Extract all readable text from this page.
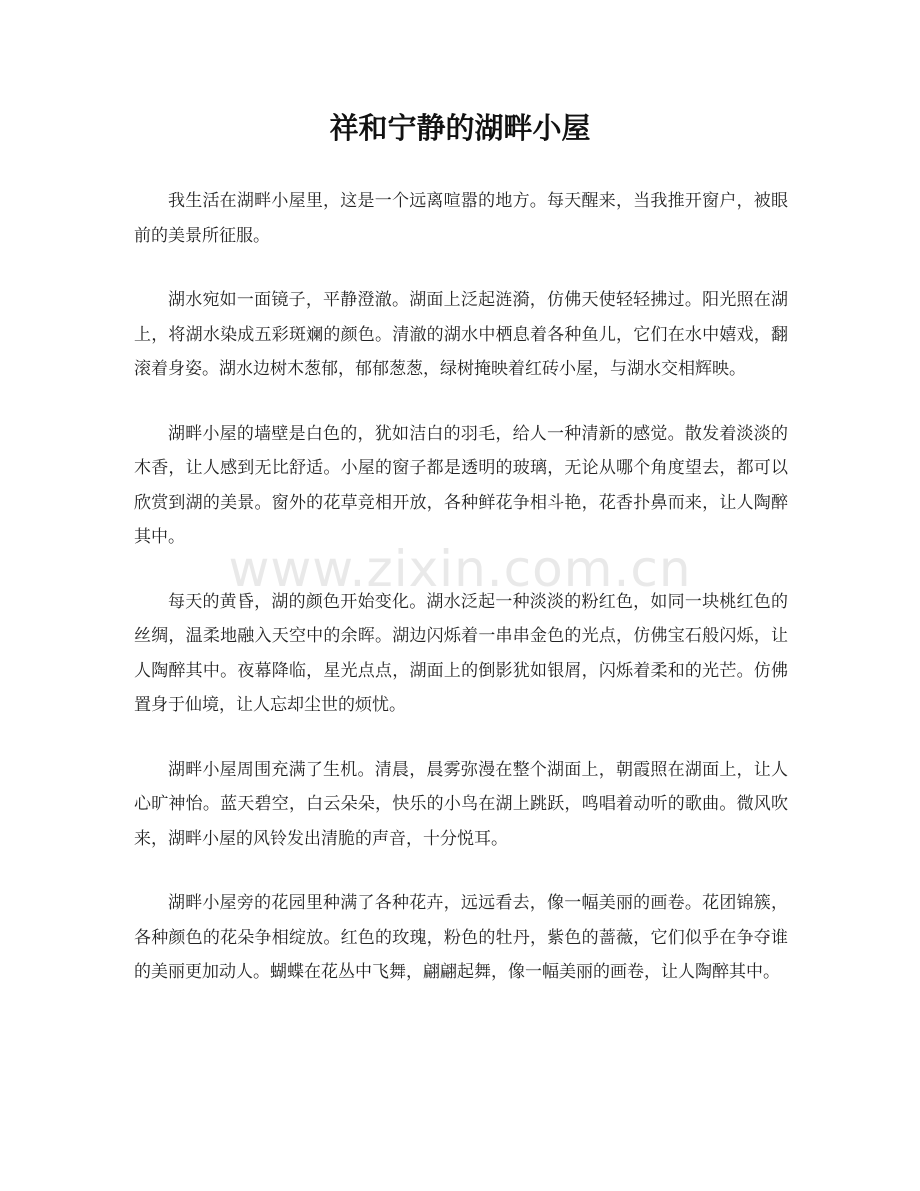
www.zixin.com.cn
祥和宁静的湖畔小屋

我生活在湖畔小屋里，这是一个远离喧嚣的地方。每天醒来，当我推开窗户，被眼前的美景所征服。

湖水宛如一面镜子，平静澄澈。湖面上泛起涟漪，仿佛天使轻轻拂过。阳光照在湖上，将湖水染成五彩斑斓的颜色。清澈的湖水中栖息着各种鱼儿，它们在水中嬉戏，翻滚着身姿。湖水边树木葱郁，郁郁葱葱，绿树掩映着红砖小屋，与湖水交相辉映。

湖畔小屋的墙壁是白色的，犹如洁白的羽毛，给人一种清新的感觉。散发着淡淡的木香，让人感到无比舒适。小屋的窗子都是透明的玻璃，无论从哪个角度望去，都可以欣赏到湖的美景。窗外的花草竞相开放，各种鲜花争相斗艳，花香扑鼻而来，让人陶醉其中。

每天的黄昏，湖的颜色开始变化。湖水泛起一种淡淡的粉红色，如同一块桃红色的丝绸，温柔地融入天空中的余晖。湖边闪烁着一串串金色的光点，仿佛宝石般闪烁，让人陶醉其中。夜幕降临，星光点点，湖面上的倒影犹如银屑，闪烁着柔和的光芒。仿佛置身于仙境，让人忘却尘世的烦忧。

湖畔小屋周围充满了生机。清晨，晨雾弥漫在整个湖面上，朝霞照在湖面上，让人心旷神怡。蓝天碧空，白云朵朵，快乐的小鸟在湖上跳跃，鸣唱着动听的歌曲。微风吹来，湖畔小屋的风铃发出清脆的声音，十分悦耳。

湖畔小屋旁的花园里种满了各种花卉，远远看去，像一幅美丽的画卷。花团锦簇，各种颜色的花朵争相绽放。红色的玫瑰，粉色的牡丹，紫色的蔷薇，它们似乎在争夺谁的美丽更加动人。蝴蝶在花丛中飞舞，翩翩起舞，像一幅美丽的画卷，让人陶醉其中。
